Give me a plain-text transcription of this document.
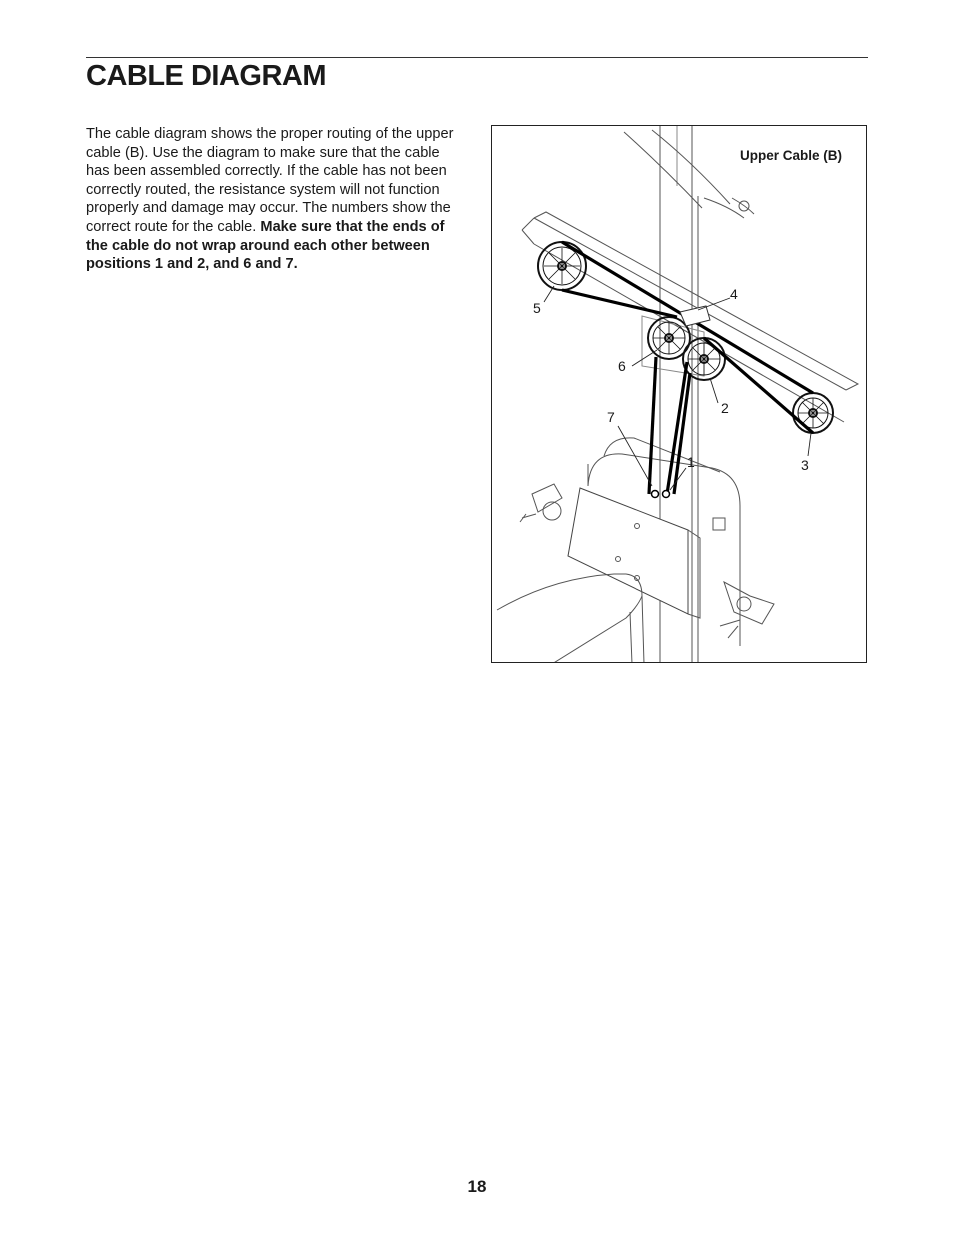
CABLE DIAGRAM
The cable diagram shows the proper routing of the upper cable (B). Use the diagram to make sure that the cable has been assembled correctly. If the cable has not been correctly routed, the resistance system will not function properly and damage may occur. The numbers show the correct route for the cable. Make sure that the ends of the cable do not wrap around each other between positions 1 and 2, and 6 and 7.
Upper Cable (B)
4
5
6
2
7
1	3
18
